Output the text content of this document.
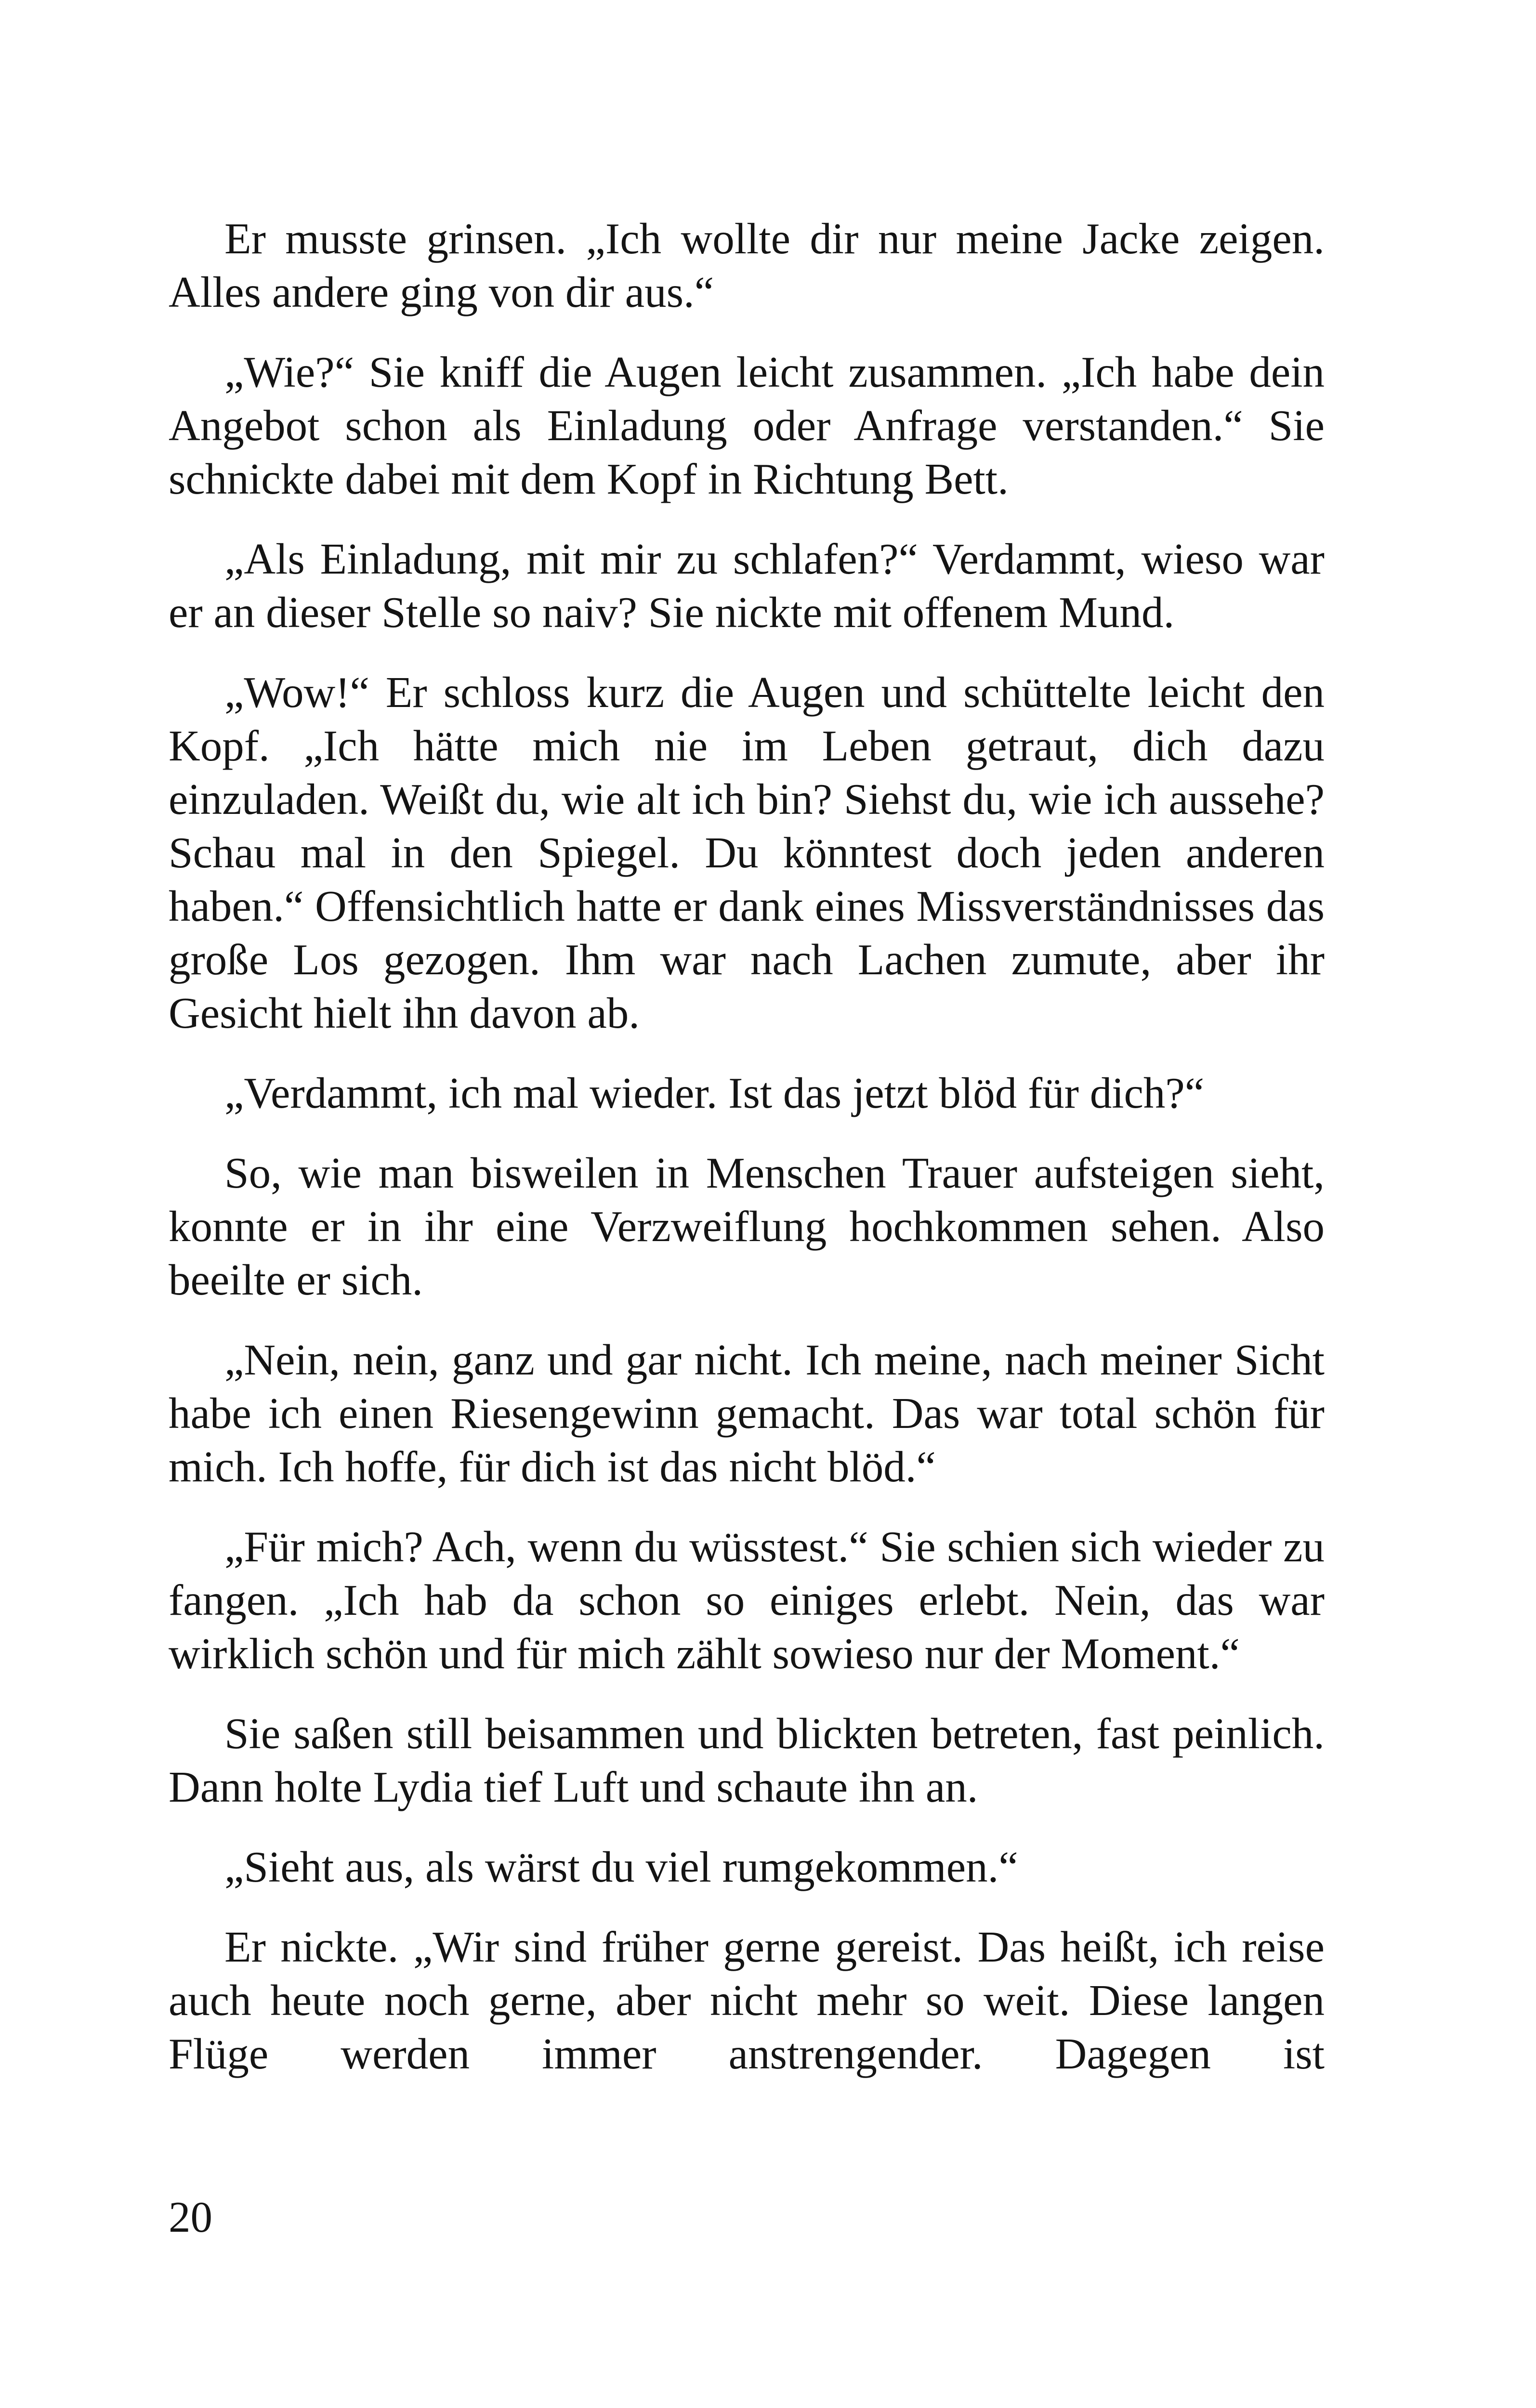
Er musste grinsen. „Ich wollte dir nur meine Jacke zeigen. Alles andere ging von dir aus.“

„Wie?“ Sie kniff die Augen leicht zusammen. „Ich habe dein Angebot schon als Einladung oder Anfrage verstanden.“ Sie schnickte dabei mit dem Kopf in Richtung Bett.

„Als Einladung, mit mir zu schlafen?“ Verdammt, wieso war er an dieser Stelle so naiv? Sie nickte mit offenem Mund.

„Wow!“ Er schloss kurz die Augen und schüttelte leicht den Kopf. „Ich hätte mich nie im Leben getraut, dich dazu einzuladen. Weißt du, wie alt ich bin? Siehst du, wie ich aussehe? Schau mal in den Spiegel. Du könntest doch jeden anderen haben.“ Offensichtlich hatte er dank eines Missverständnisses das große Los gezogen. Ihm war nach Lachen zumute, aber ihr Gesicht hielt ihn davon ab.

„Verdammt, ich mal wieder. Ist das jetzt blöd für dich?“

So, wie man bisweilen in Menschen Trauer aufsteigen sieht, konnte er in ihr eine Verzweiflung hochkommen sehen. Also beeilte er sich.

„Nein, nein, ganz und gar nicht. Ich meine, nach meiner Sicht habe ich einen Riesengewinn gemacht. Das war total schön für mich. Ich hoffe, für dich ist das nicht blöd.“

„Für mich? Ach, wenn du wüsstest.“ Sie schien sich wieder zu fangen. „Ich hab da schon so einiges erlebt. Nein, das war wirklich schön und für mich zählt sowieso nur der Moment.“

Sie saßen still beisammen und blickten betreten, fast peinlich. Dann holte Lydia tief Luft und schaute ihn an.

„Sieht aus, als wärst du viel rumgekommen.“

Er nickte. „Wir sind früher gerne gereist. Das heißt, ich reise auch heute noch gerne, aber nicht mehr so weit. Diese langen Flüge werden immer anstrengender. Dagegen ist

20
